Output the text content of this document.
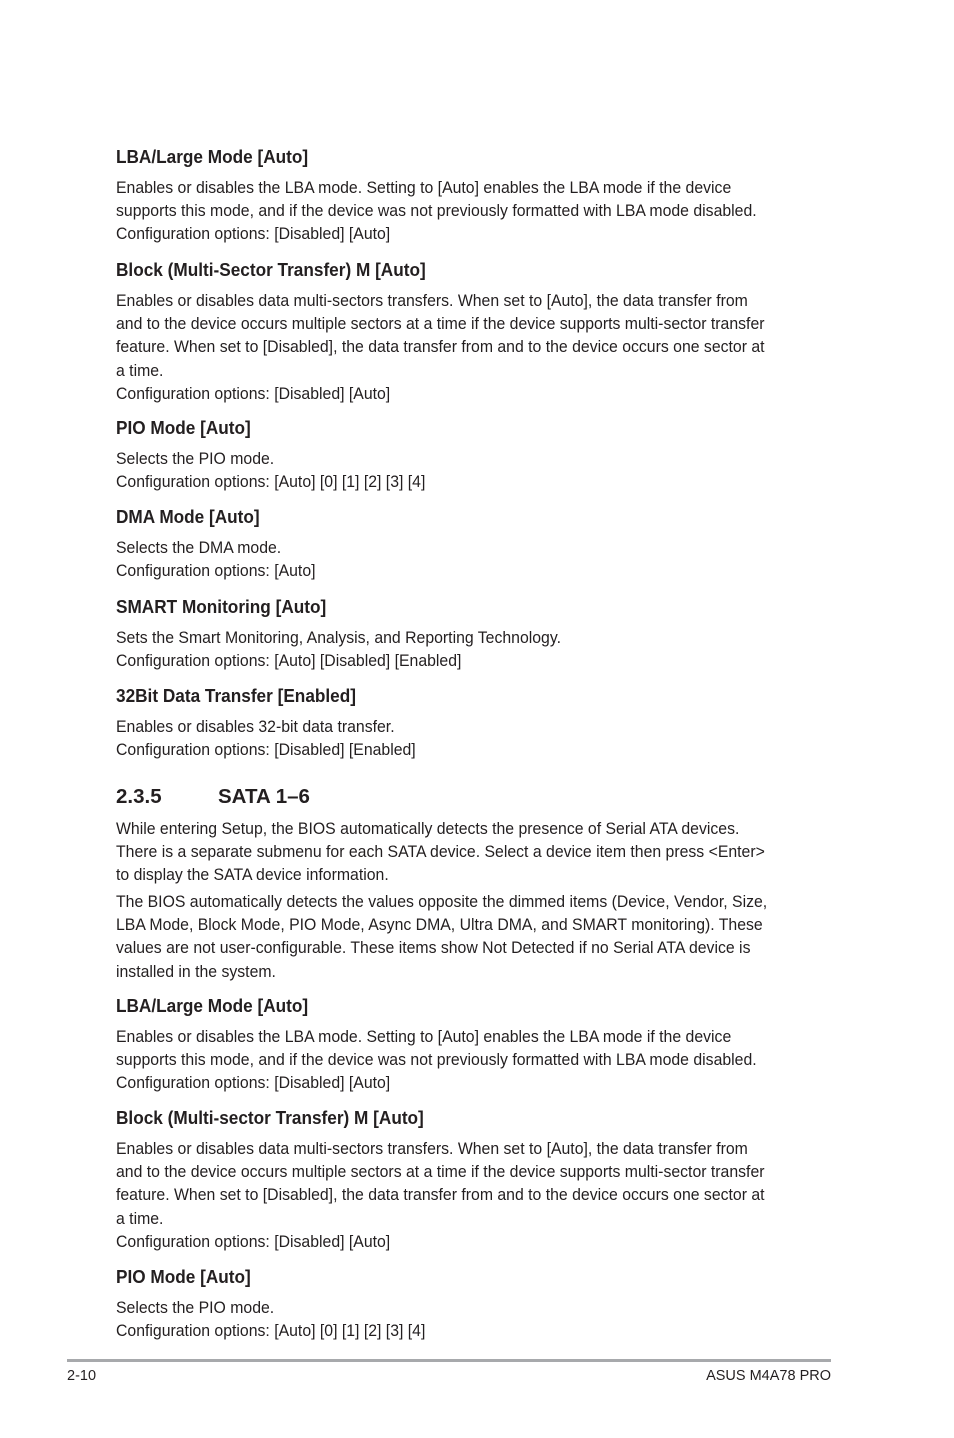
LBA/Large Mode [Auto]
Enables or disables the LBA mode. Setting to [Auto] enables the LBA mode if the device
supports this mode, and if the device was not previously formatted with LBA mode disabled.
Configuration options: [Disabled] [Auto]
Block (Multi-Sector Transfer) M [Auto]
Enables or disables data multi-sectors transfers. When set to [Auto], the data transfer from
and to the device occurs multiple sectors at a time if the device supports multi-sector transfer
feature. When set to [Disabled], the data transfer from and to the device occurs one sector at
a time.
Configuration options: [Disabled] [Auto]
PIO Mode [Auto]
Selects the PIO mode.
Configuration options: [Auto] [0] [1] [2] [3] [4]
DMA Mode [Auto]
Selects the DMA mode.
Configuration options: [Auto]
SMART Monitoring [Auto]
Sets the Smart Monitoring, Analysis, and Reporting Technology.
Configuration options: [Auto] [Disabled] [Enabled]
32Bit Data Transfer [Enabled]
Enables or disables 32-bit data transfer.
Configuration options: [Disabled] [Enabled]
2.3.5	SATA 1–6
While entering Setup, the BIOS automatically detects the presence of Serial ATA devices.
There is a separate submenu for each SATA device. Select a device item then press <Enter>
to display the SATA device information.
The BIOS automatically detects the values opposite the dimmed items (Device, Vendor, Size,
LBA Mode, Block Mode, PIO Mode, Async DMA, Ultra DMA, and SMART monitoring). These
values are not user-configurable. These items show Not Detected if no Serial ATA device is
installed in the system.
LBA/Large Mode [Auto]
Enables or disables the LBA mode. Setting to [Auto] enables the LBA mode if the device
supports this mode, and if the device was not previously formatted with LBA mode disabled.
Configuration options: [Disabled] [Auto]
Block (Multi-sector Transfer) M [Auto]
Enables or disables data multi-sectors transfers. When set to [Auto], the data transfer from
and to the device occurs multiple sectors at a time if the device supports multi-sector transfer
feature. When set to [Disabled], the data transfer from and to the device occurs one sector at
a time.
Configuration options: [Disabled] [Auto]
PIO Mode [Auto]
Selects the PIO mode.
Configuration options: [Auto] [0] [1] [2] [3] [4]
2-10	ASUS M4A78 PRO
